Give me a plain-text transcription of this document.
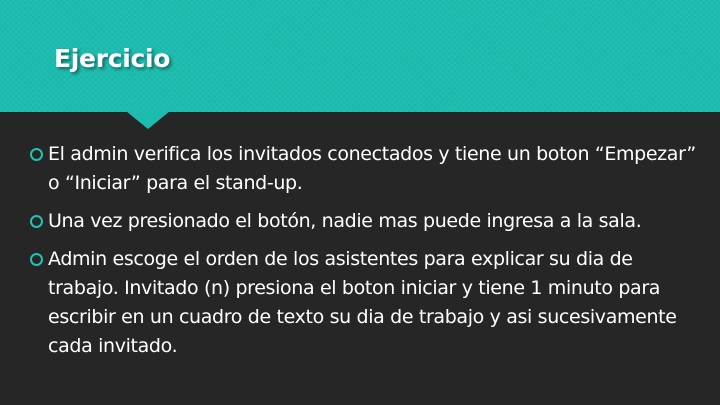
Ejercicio
El admin verifica los invitados conectados y tiene un boton “Empezar” o “Iniciar” para el stand-up.
Una vez presionado el botón, nadie mas puede ingresa a la sala.
Admin escoge el orden de los asistentes para explicar su dia de trabajo. Invitado (n) presiona el boton iniciar y tiene 1 minuto para escribir en un cuadro de texto su dia de trabajo y asi sucesivamente cada invitado.
